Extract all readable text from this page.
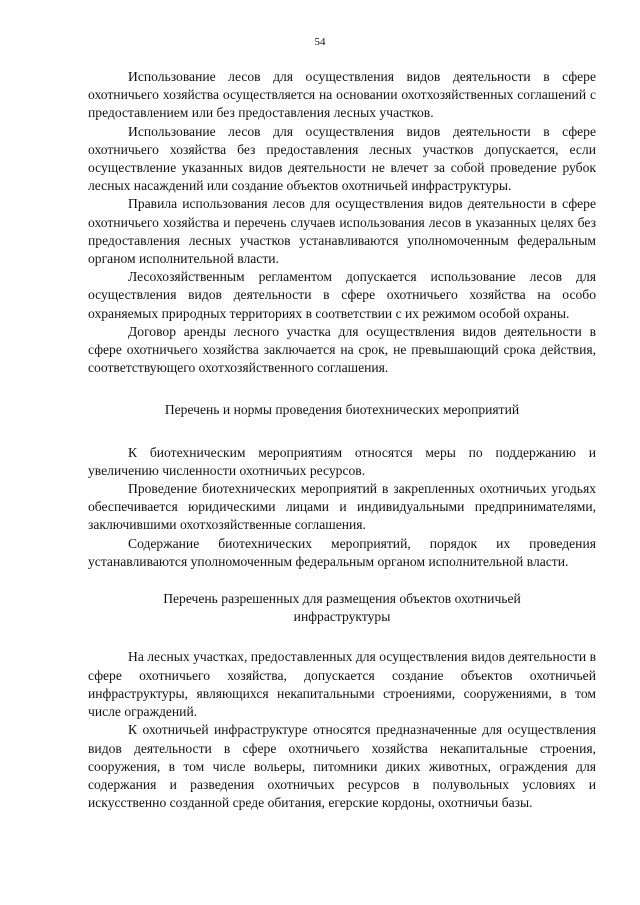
54

Использование лесов для осуществления видов деятельности в сфере охотничьего хозяйства осуществляется на основании охотхозяйственных соглашений с предоставлением или без предоставления лесных участков.

Использование лесов для осуществления видов деятельности в сфере охотничьего хозяйства без предоставления лесных участков допускается, если осуществление указанных видов деятельности не влечет за собой проведение рубок лесных насаждений или создание объектов охотничьей инфраструктуры.

Правила использования лесов для осуществления видов деятельности в сфере охотничьего хозяйства и перечень случаев использования лесов в указанных целях без предоставления лесных участков устанавливаются уполномоченным федеральным органом исполнительной власти.

Лесохозяйственным регламентом допускается использование лесов для осуществления видов деятельности в сфере охотничьего хозяйства на особо охраняемых природных территориях в соответствии с их режимом особой охраны.

Договор аренды лесного участка для осуществления видов деятельности в сфере охотничьего хозяйства заключается на срок, не превышающий срока действия, соответствующего охотхозяйственного соглашения.

Перечень и нормы проведения биотехнических мероприятий

К биотехническим мероприятиям относятся меры по поддержанию и увеличению численности охотничьих ресурсов.

Проведение биотехнических мероприятий в закрепленных охотничьих угодьях обеспечивается юридическими лицами и индивидуальными предпринимателями, заключившими охотхозяйственные соглашения.

Содержание биотехнических мероприятий, порядок их проведения устанавливаются уполномоченным федеральным органом исполнительной власти.

Перечень разрешенных для размещения объектов охотничьей инфраструктуры

На лесных участках, предоставленных для осуществления видов деятельности в сфере охотничьего хозяйства, допускается создание объектов охотничьей инфраструктуры, являющихся некапитальными строениями, сооружениями, в том числе ограждений.

К охотничьей инфраструктуре относятся предназначенные для осуществления видов деятельности в сфере охотничьего хозяйства некапитальные строения, сооружения, в том числе вольеры, питомники диких животных, ограждения для содержания и разведения охотничьих ресурсов в полувольных условиях и искусственно созданной среде обитания, егерские кордоны, охотничьи базы.
